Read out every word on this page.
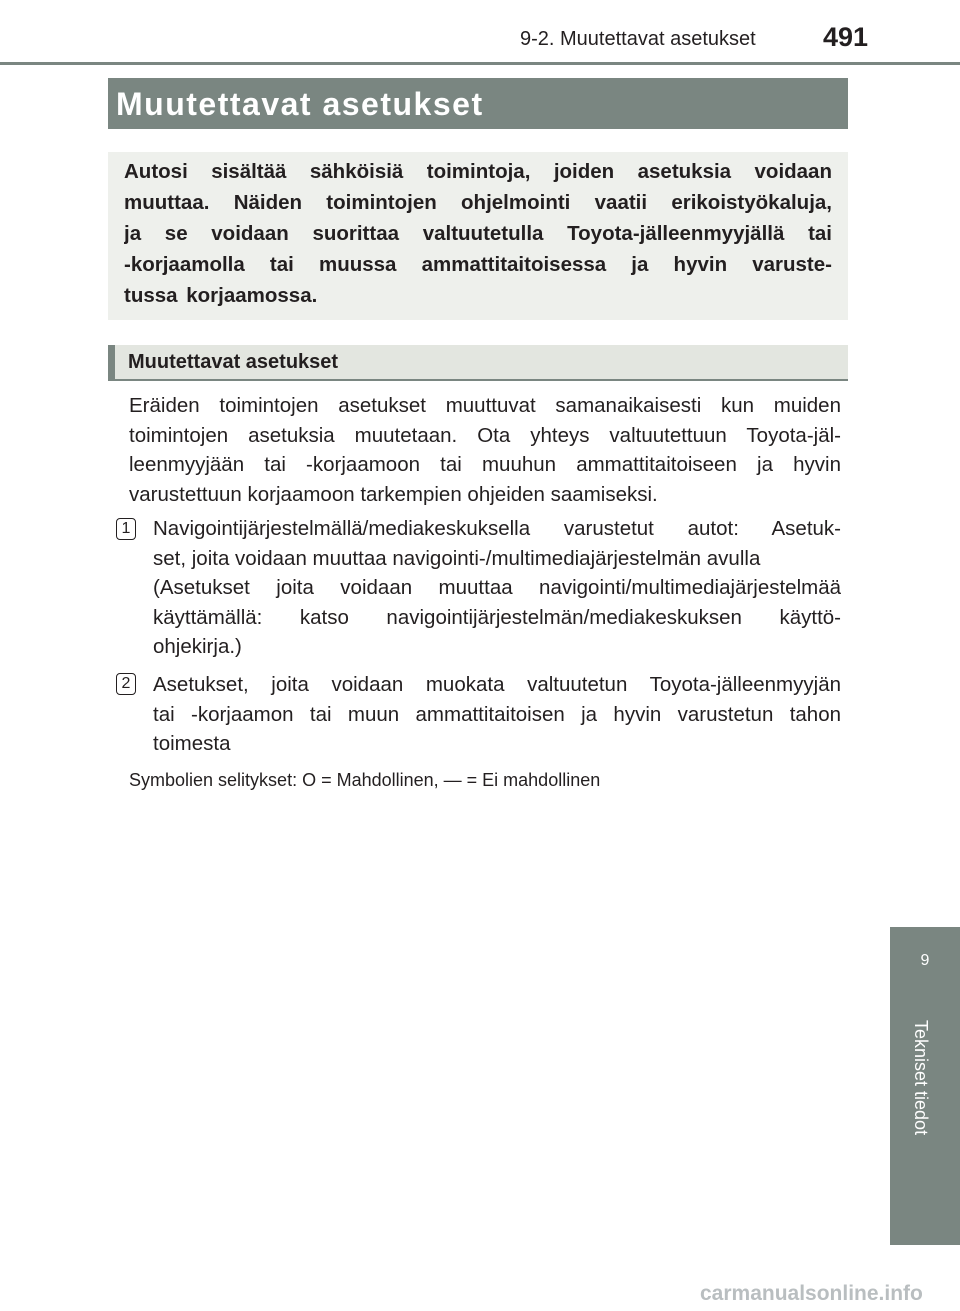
9-2. Muutettavat asetukset 491
Muutettavat asetukset
Autosi sisältää sähköisiä toimintoja, joiden asetuksia voidaan
muuttaa. Näiden toimintojen ohjelmointi vaatii erikoistyökaluja,
ja se voidaan suorittaa valtuutetulla Toyota-jälleenmyyjällä tai
-korjaamolla tai muussa ammattitaitoisessa ja hyvin varuste-
tussa korjaamossa.
Muutettavat asetukset
Eräiden toimintojen asetukset muuttuvat samanaikaisesti kun muiden
toimintojen asetuksia muutetaan. Ota yhteys valtuutettuun Toyota-jäl-
leenmyyjään tai -korjaamoon tai muuhun ammattitaitoiseen ja hyvin
varustettuun korjaamoon tarkempien ohjeiden saamiseksi.
1 Navigointijärjestelmällä/mediakeskuksella varustetut autot: Asetuk-
set, joita voidaan muuttaa navigointi-/multimediajärjestelmän avulla
(Asetukset joita voidaan muuttaa navigointi/multimediajärjestelmää
käyttämällä: katso navigointijärjestelmän/mediakeskuksen käyttö-
ohjekirja.)
2 Asetukset, joita voidaan muokata valtuutetun Toyota-jälleenmyyjän
tai -korjaamon tai muun ammattitaitoisen ja hyvin varustetun tahon
toimesta
Symbolien selitykset: O = Mahdollinen, — = Ei mahdollinen
9
Tekniset tiedot
carmanualsonline.info
